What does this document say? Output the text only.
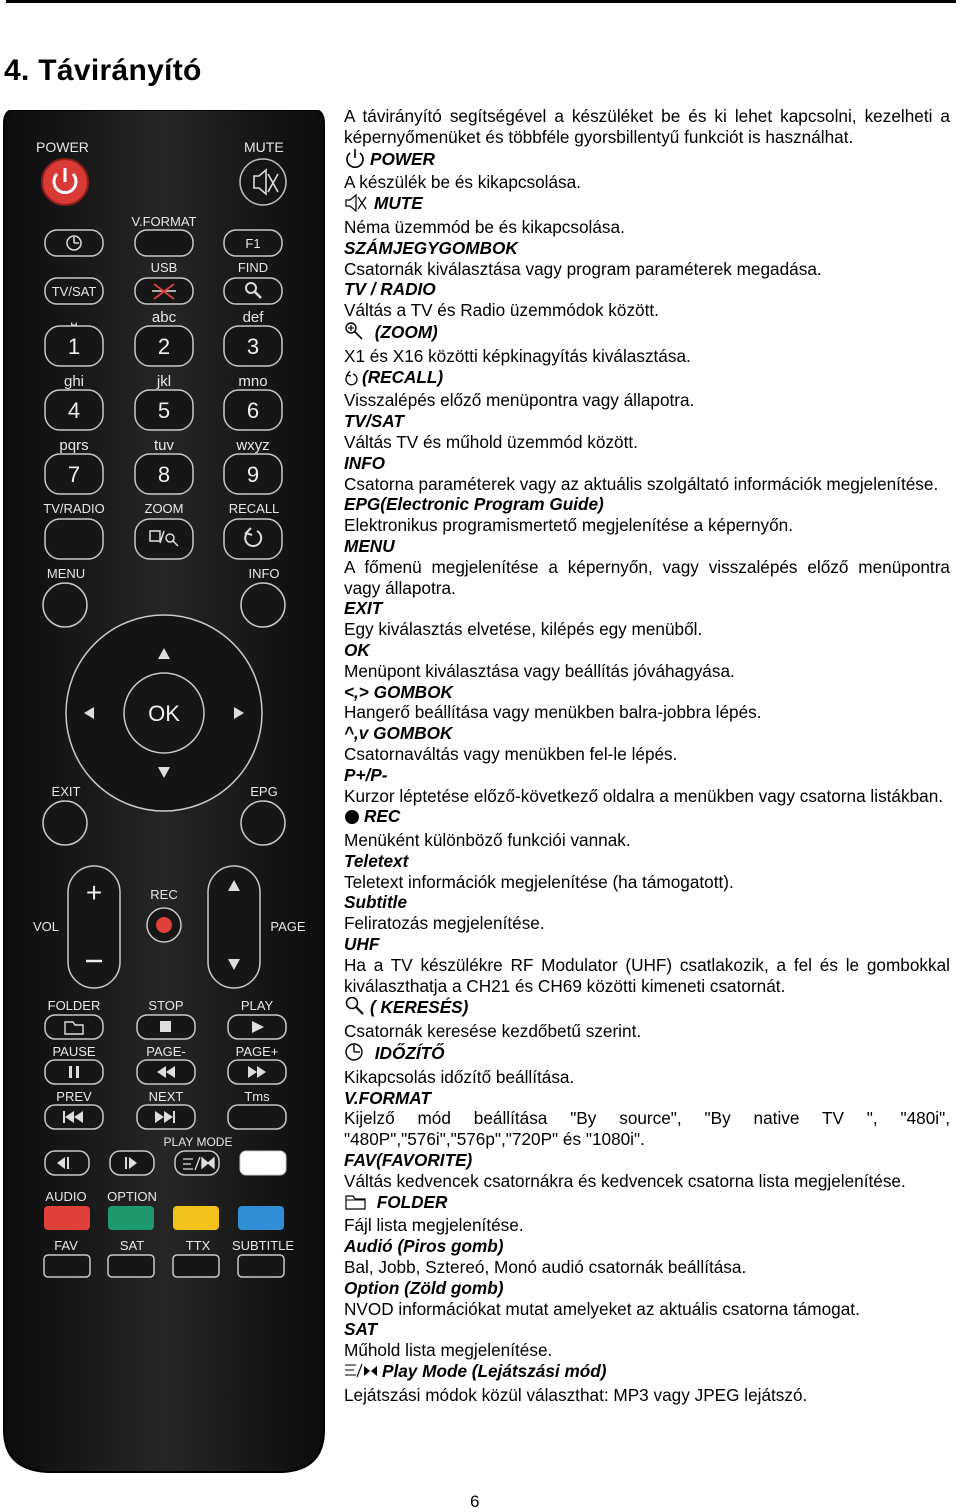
4. Távirányító
POWER	MUTE
V.FORMAT
F1
USB	FIND
TV/SAT
⎵	abc	def
ghi	jkl	mno
pqrs	tuv	wxyz
1	2	3
4	5	6
7	8	9
TV/RADIO	ZOOM	RECALL
MENU	INFO
OK
EXIT	EPG
+
VOL	PAGE
REC
FOLDER	STOP	PLAY
PAUSE	PAGE-	PAGE+
PREV	NEXT	Tms
PLAY MODE
AUDIO OPTION
FAV	SAT	TTX SUBTITLE
A távirányító segítségével a készüléket be és ki lehet kapcsolni, kezelheti a képernyőmenüket és többféle gyorsbillentyű funkciót is használhat.
POWER
A készülék be és kikapcsolása.
MUTE
Néma üzemmód be és kikapcsolása.
SZÁMJEGYGOMBOK
Csatornák kiválasztása vagy program paraméterek megadása.
TV / RADIO
Váltás a TV és Radio üzemmódok között.
(ZOOM)
X1 és X16 közötti képkinagyítás kiválasztása.
(RECALL)
Visszalépés előző menüpontra vagy állapotra.
TV/SAT
Váltás TV és műhold üzemmód között.
INFO
Csatorna paraméterek vagy az aktuális szolgáltató információk megjelenítése.
EPG(Electronic Program Guide)
Elektronikus programismertető megjelenítése a képernyőn.
MENU
A főmenü megjelenítése a képernyőn, vagy visszalépés előző menüpontra vagy állapotra.
EXIT
Egy kiválasztás elvetése, kilépés egy menüből.
OK
Menüpont kiválasztása vagy beállítás jóváhagyása.
<,> GOMBOK
Hangerő beállítása vagy menükben balra-jobbra lépés.
^,v GOMBOK
Csatornaváltás vagy menükben fel-le lépés.
P+/P-
Kurzor léptetése előző-következő oldalra a menükben vagy csatorna listákban.
REC
Menüként különböző funkciói vannak.
Teletext
Teletext információk megjelenítése (ha támogatott).
Subtitle
Feliratozás megjelenítése.
UHF
Ha a TV készülékre RF Modulator (UHF) csatlakozik, a fel és le gombokkal kiválaszthatja a CH21 és CH69 közötti kimeneti csatornát.
( KERESÉS)
Csatornák keresése kezdőbetű szerint.
IDŐZÍTŐ
Kikapcsolás időzítő beállítása.
V.FORMAT
Kijelző mód beállítása "By source", "By native TV ", "480i", "480P","576i","576p","720P" és "1080i".
FAV(FAVORITE)
Váltás kedvencek csatornákra és kedvencek csatorna lista megjelenítése.
FOLDER
Fájl lista megjelenítése.
Audió (Piros gomb)
Bal, Jobb, Sztereó, Monó audió csatornák beállítása.
Option (Zöld gomb)
NVOD információkat mutat amelyeket az aktuális csatorna támogat.
SAT
Műhold lista megjelenítése.
Play Mode (Lejátszási mód)
Lejátszási módok közül választhat: MP3 vagy JPEG lejátszó.
6
